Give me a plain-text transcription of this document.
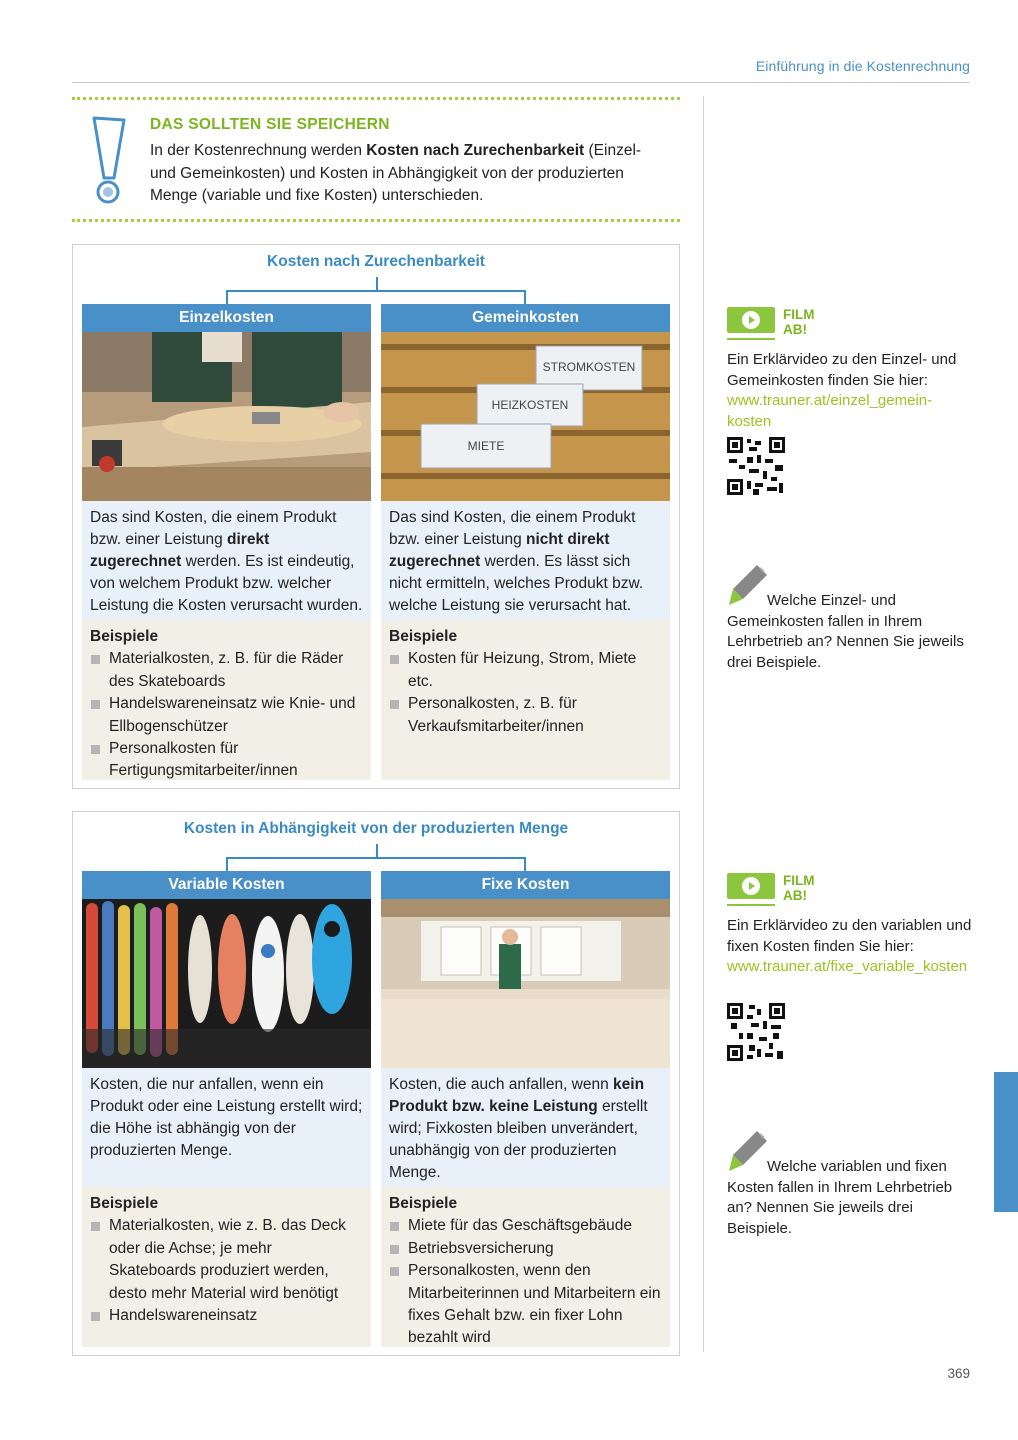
Einführung in die Kostenrechnung
DAS SOLLTEN SIE SPEICHERN
In der Kostenrechnung werden Kosten nach Zurechenbarkeit (Einzel- und Gemeinkosten) und Kosten in Abhängigkeit von der produzierten Menge (variable und fixe Kosten) unterschieden.
Kosten nach Zurechenbarkeit
Einzelkosten
Das sind Kosten, die einem Produkt bzw. einer Leistung direkt zugerechnet werden. Es ist eindeutig, von welchem Produkt bzw. welcher Leistung die Kosten verursacht wurden.
Beispiele
Materialkosten, z. B. für die Räder des Skateboards
Handelswareneinsatz wie Knie- und Ellbogenschützer
Personalkosten für Fertigungsmitarbeiter/innen
Gemeinkosten
STROMKOSTEN
HEIZKOSTEN
MIETE
Das sind Kosten, die einem Produkt bzw. einer Leistung nicht direkt zugerechnet werden. Es lässt sich nicht ermitteln, welches Produkt bzw. welche Leistung sie verursacht hat.
Beispiele
Kosten für Heizung, Strom, Miete etc.
Personalkosten, z. B. für Verkaufsmitarbeiter/innen
Kosten in Abhängigkeit von der produzierten Menge
Variable Kosten
Kosten, die nur anfallen, wenn ein Produkt oder eine Leistung erstellt wird; die Höhe ist abhängig von der produzierten Menge.
Beispiele
Materialkosten, wie z. B. das Deck oder die Achse; je mehr Skateboards produziert werden, desto mehr Material wird benötigt
Handelswareneinsatz
Fixe Kosten
Kosten, die auch anfallen, wenn kein Produkt bzw. keine Leistung erstellt wird; Fixkosten bleiben unverändert, unabhängig von der produzierten Menge.
Beispiele
Miete für das Geschäftsgebäude
Betriebsversicherung
Personalkosten, wenn den Mitarbeiterinnen und Mitarbeitern ein fixes Gehalt bzw. ein fixer Lohn bezahlt wird
FILM AB!
Ein Erklärvideo zu den Einzel- und Gemeinkosten finden Sie hier:
www.trauner.at/einzel_gemein-kosten
Welche Einzel- und Gemeinkosten fallen in Ihrem Lehrbetrieb an? Nennen Sie jeweils drei Beispiele.
FILM AB!
Ein Erklärvideo zu den variablen und fixen Kosten finden Sie hier:
www.trauner.at/fixe_variable_kosten
Welche variablen und fixen Kosten fallen in Ihrem Lehrbetrieb an? Nennen Sie jeweils drei Beispiele.
369
